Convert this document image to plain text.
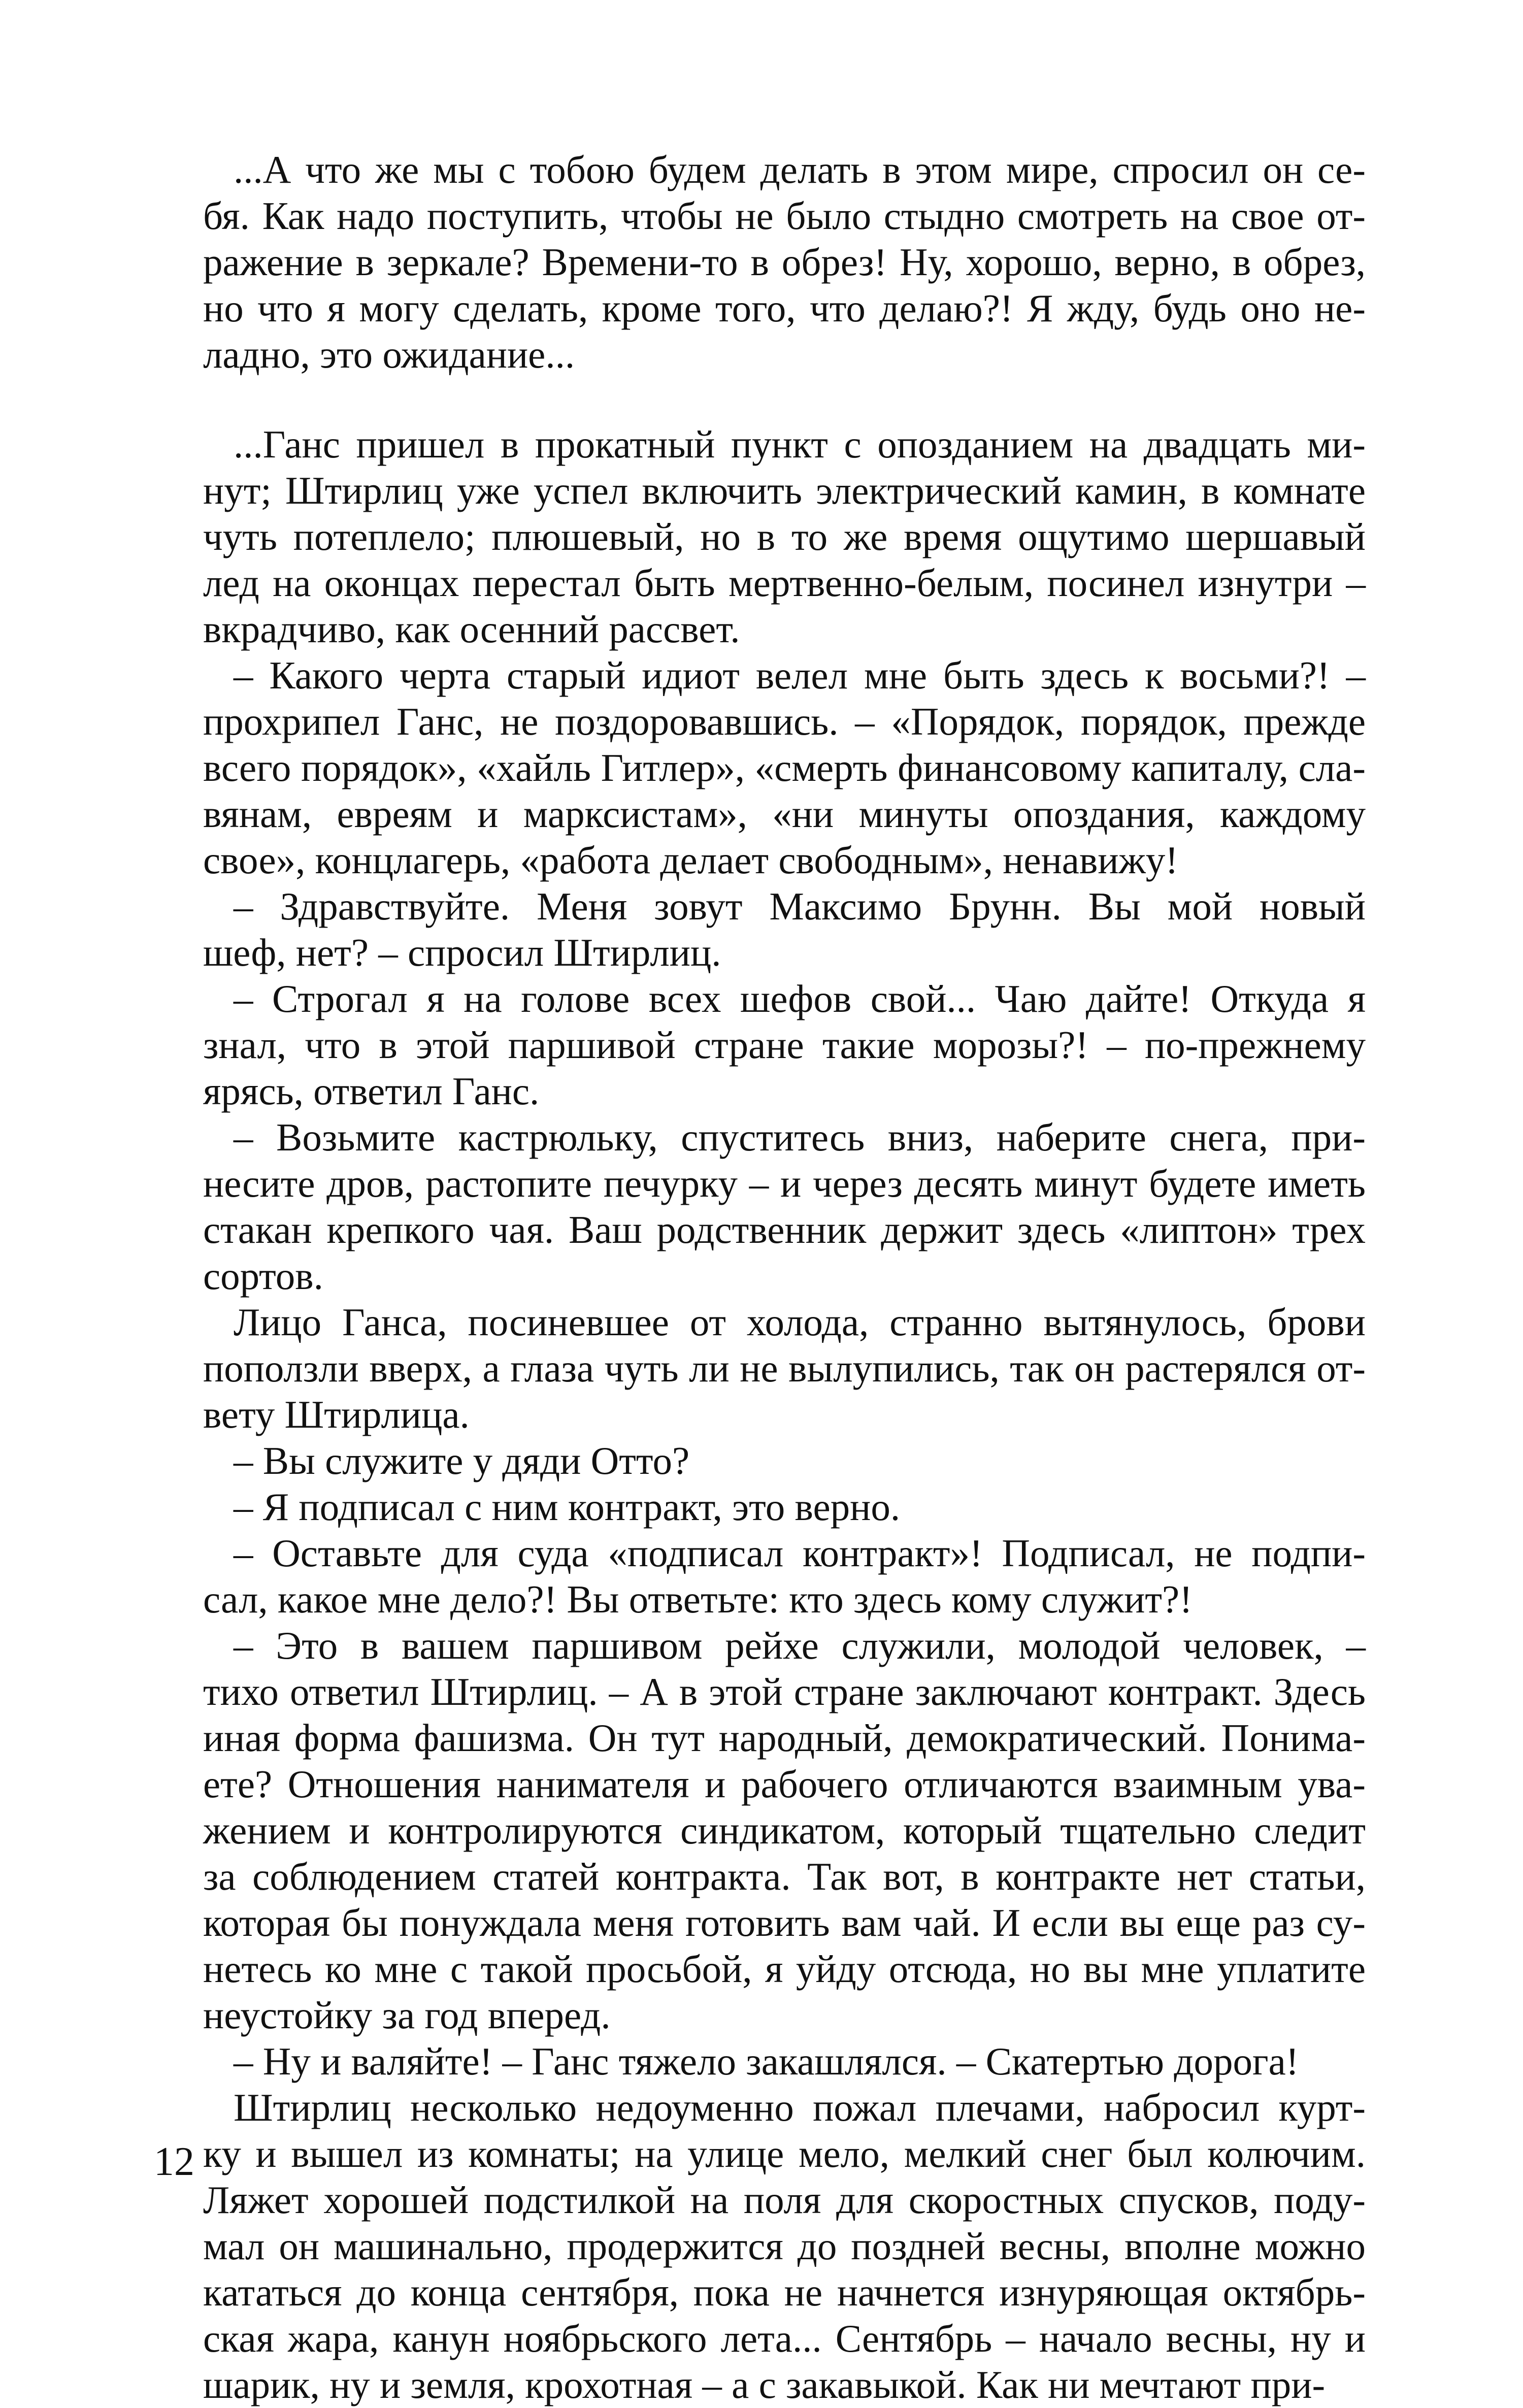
...А что же мы с тобою будем делать в этом мире, спросил он се-
бя. Как надо поступить, чтобы не было стыдно смотреть на свое от-
ражение в зеркале? Времени-то в обрез! Ну, хорошо, верно, в обрез,
но что я могу сделать, кроме того, что делаю?! Я жду, будь оно не-
ладно, это ожидание...
...Ганс пришел в прокатный пункт с опозданием на двадцать ми-
нут; Штирлиц уже успел включить электрический камин, в комнате
чуть потеплело; плюшевый, но в то же время ощутимо шершавый
лед на оконцах перестал быть мертвенно-белым, посинел изнутри –
вкрадчиво, как осенний рассвет.
– Какого черта старый идиот велел мне быть здесь к восьми?! –
прохрипел Ганс, не поздоровавшись. – «Порядок, порядок, прежде
всего порядок», «хайль Гитлер», «смерть финансовому капиталу, сла-
вянам, евреям и марксистам», «ни минуты опоздания, каждому
свое», концлагерь, «работа делает свободным», ненавижу!
– Здравствуйте. Меня зовут Максимо Брунн. Вы мой новый
шеф, нет? – спросил Штирлиц.
– Строгал я на голове всех шефов свой... Чаю дайте! Откуда я
знал, что в этой паршивой стране такие морозы?! – по-прежнему
ярясь, ответил Ганс.
– Возьмите кастрюльку, спуститесь вниз, наберите снега, при-
несите дров, растопите печурку – и через десять минут будете иметь
стакан крепкого чая. Ваш родственник держит здесь «липтон» трех
сортов.
Лицо Ганса, посиневшее от холода, странно вытянулось, брови
поползли вверх, а глаза чуть ли не вылупились, так он растерялся от-
вету Штирлица.
– Вы служите у дяди Отто?
– Я подписал с ним контракт, это верно.
– Оставьте для суда «подписал контракт»! Подписал, не подпи-
сал, какое мне дело?! Вы ответьте: кто здесь кому служит?!
– Это в вашем паршивом рейхе служили, молодой человек, –
тихо ответил Штирлиц. – А в этой стране заключают контракт. Здесь
иная форма фашизма. Он тут народный, демократический. Понима-
ете? Отношения нанимателя и рабочего отличаются взаимным ува-
жением и контролируются синдикатом, который тщательно следит
за соблюдением статей контракта. Так вот, в контракте нет статьи,
которая бы понуждала меня готовить вам чай. И если вы еще раз су-
нетесь ко мне с такой просьбой, я уйду отсюда, но вы мне уплатите
неустойку за год вперед.
– Ну и валяйте! – Ганс тяжело закашлялся. – Скатертью дорога!
Штирлиц несколько недоуменно пожал плечами, набросил курт-
ку и вышел из комнаты; на улице мело, мелкий снег был колючим.
Ляжет хорошей подстилкой на поля для скоростных спусков, поду-
мал он машинально, продержится до поздней весны, вполне можно
кататься до конца сентября, пока не начнется изнуряющая октябрь-
ская жара, канун ноябрьского лета... Сентябрь – начало весны, ну и
шарик, ну и земля, крохотная – а с закавыкой. Как ни мечтают при-
12
